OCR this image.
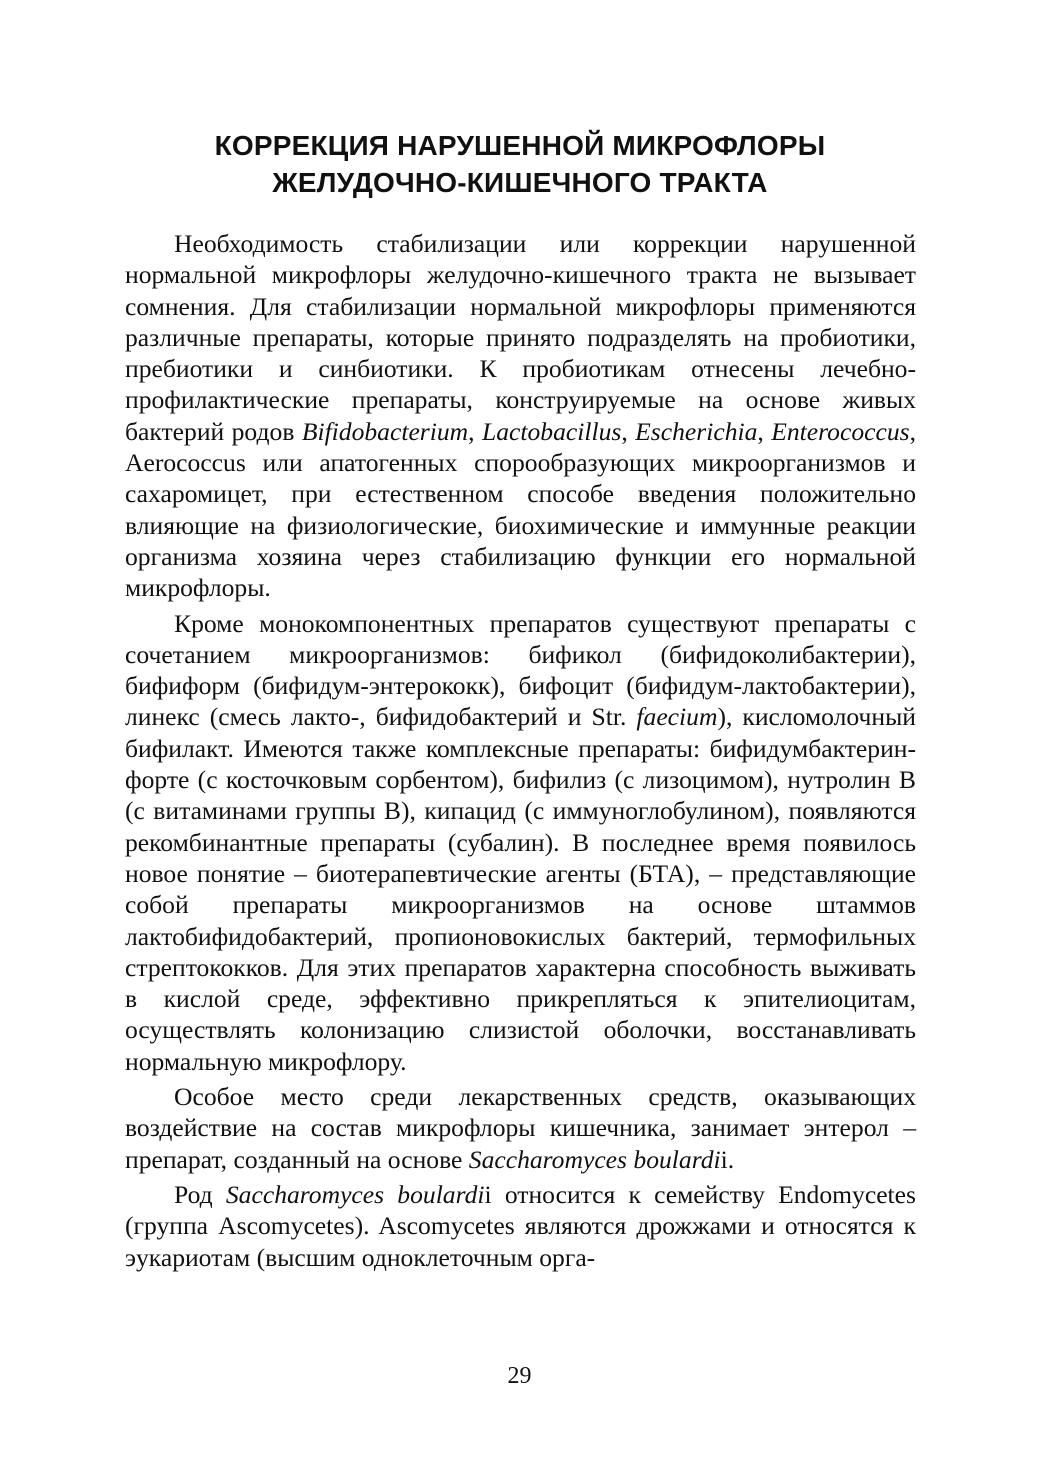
КОРРЕКЦИЯ НАРУШЕННОЙ МИКРОФЛОРЫ
ЖЕЛУДОЧНО-КИШЕЧНОГО ТРАКТА

Необходимость стабилизации или коррекции нарушенной нормальной микрофлоры желудочно-кишечного тракта не вызывает сомнения. Для стабилизации нормальной микрофлоры применяются различные препараты, которые принято подразделять на пробиотики, пребиотики и синбиотики. К пробиотикам отнесены лечебно-профилактические препараты, конструируемые на основе живых бактерий родов Bifidobacterium, Lactobacillus, Escherichia, Enterococcus, Aerococcus или апатогенных спорообразующих микроорганизмов и сахаромицет, при естественном способе введения положительно влияющие на физиологические, биохимические и иммунные реакции организма хозяина через стабилизацию функции его нормальной микрофлоры.

Кроме монокомпонентных препаратов существуют препараты с сочетанием микроорганизмов: бификол (бифидоколибактерии), бифиформ (бифидум-энтерококк), бифоцит (бифидум-лактобактерии), линекс (смесь лакто-, бифидобактерий и Str. faecium), кисломолочный бифилакт. Имеются также комплексные препараты: бифидумбактерин-форте (с косточковым сорбентом), бифилиз (с лизоцимом), нутролин В (с витаминами группы В), кипацид (с иммуноглобулином), появляются рекомбинантные препараты (субалин). В последнее время появилось новое понятие – биотерапевтические агенты (БТА), – представляющие собой препараты микроорганизмов на основе штаммов лактобифидобактерий, пропионовокислых бактерий, термофильных стрептококков. Для этих препаратов характерна способность выживать в кислой среде, эффективно прикрепляться к эпителиоцитам, осуществлять колонизацию слизистой оболочки, восстанавливать нормальную микрофлору.

Особое место среди лекарственных средств, оказывающих воздействие на состав микрофлоры кишечника, занимает энтерол – препарат, созданный на основе Saccharomyces boulardii.

Род Saccharomyces boulardii относится к семейству Endomycetes (группа Ascomycetes). Ascomycetes являются дрожжами и относятся к эукариотам (высшим одноклеточным орга-

29
